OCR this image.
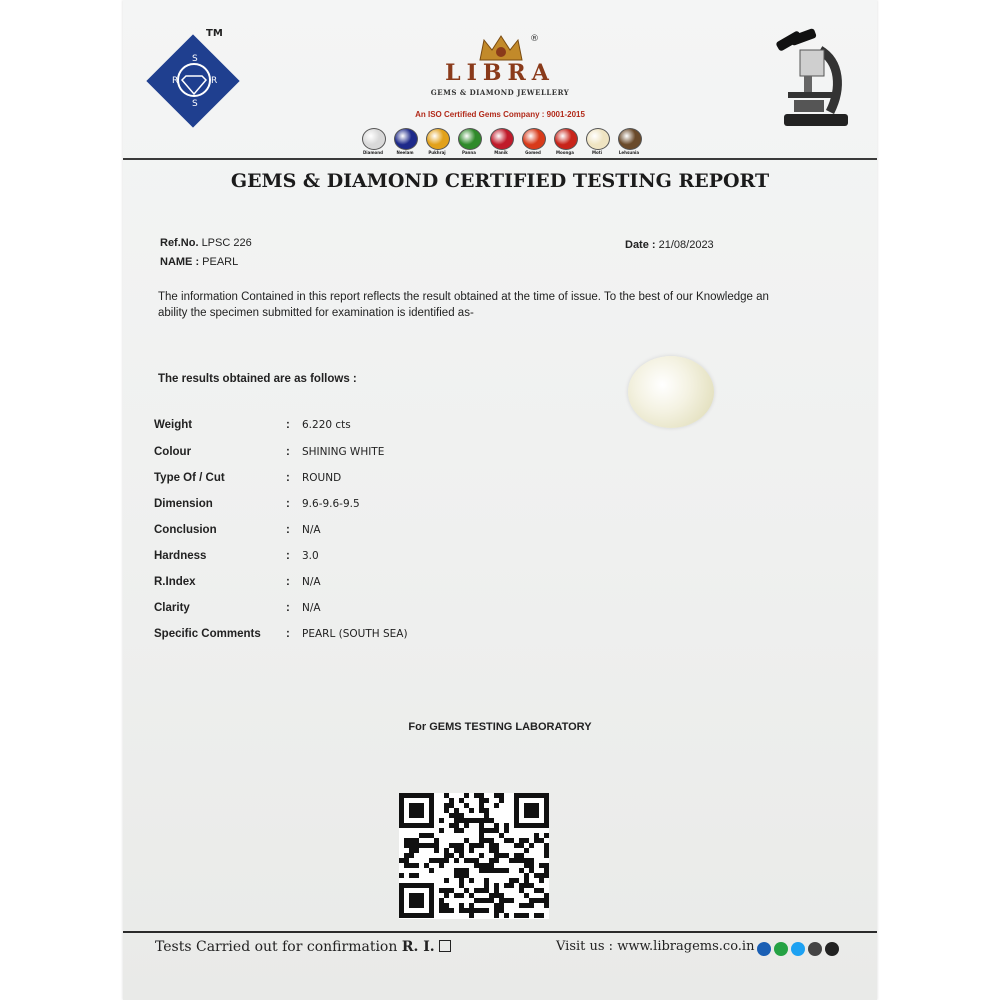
S
R
S
R
TM	®
LIBRA
GEMS & DIAMOND JEWELLERY
An ISO Certified Gems Company : 9001-2015
Diamond	Neelam	Pukhraj	Panna	Manik	Gomed	Moonga	Moti	Lehsunia
GEMS & DIAMOND CERTIFIED TESTING REPORT
Ref.No. LPSC 226
NAME : PEARL
Date : 21/08/2023
The information Contained in this report reflects the result obtained at the time of issue. To the best of our Knowledge an ability the specimen submitted for examination is identified as-
The results obtained are as follows :
Weight	: 6.220 cts
Colour	: SHINING WHITE
Type Of / Cut	: ROUND
Dimension	: 9.6-9.6-9.5
Conclusion	: N/A
Hardness	: 3.0
R.Index	: N/A
Clarity	: N/A
Specific Comments : PEARL (SOUTH SEA)
For GEMS TESTING LABORATORY
Tests Carried out for confirmation R. I.	Visit us : www.libragems.co.in
